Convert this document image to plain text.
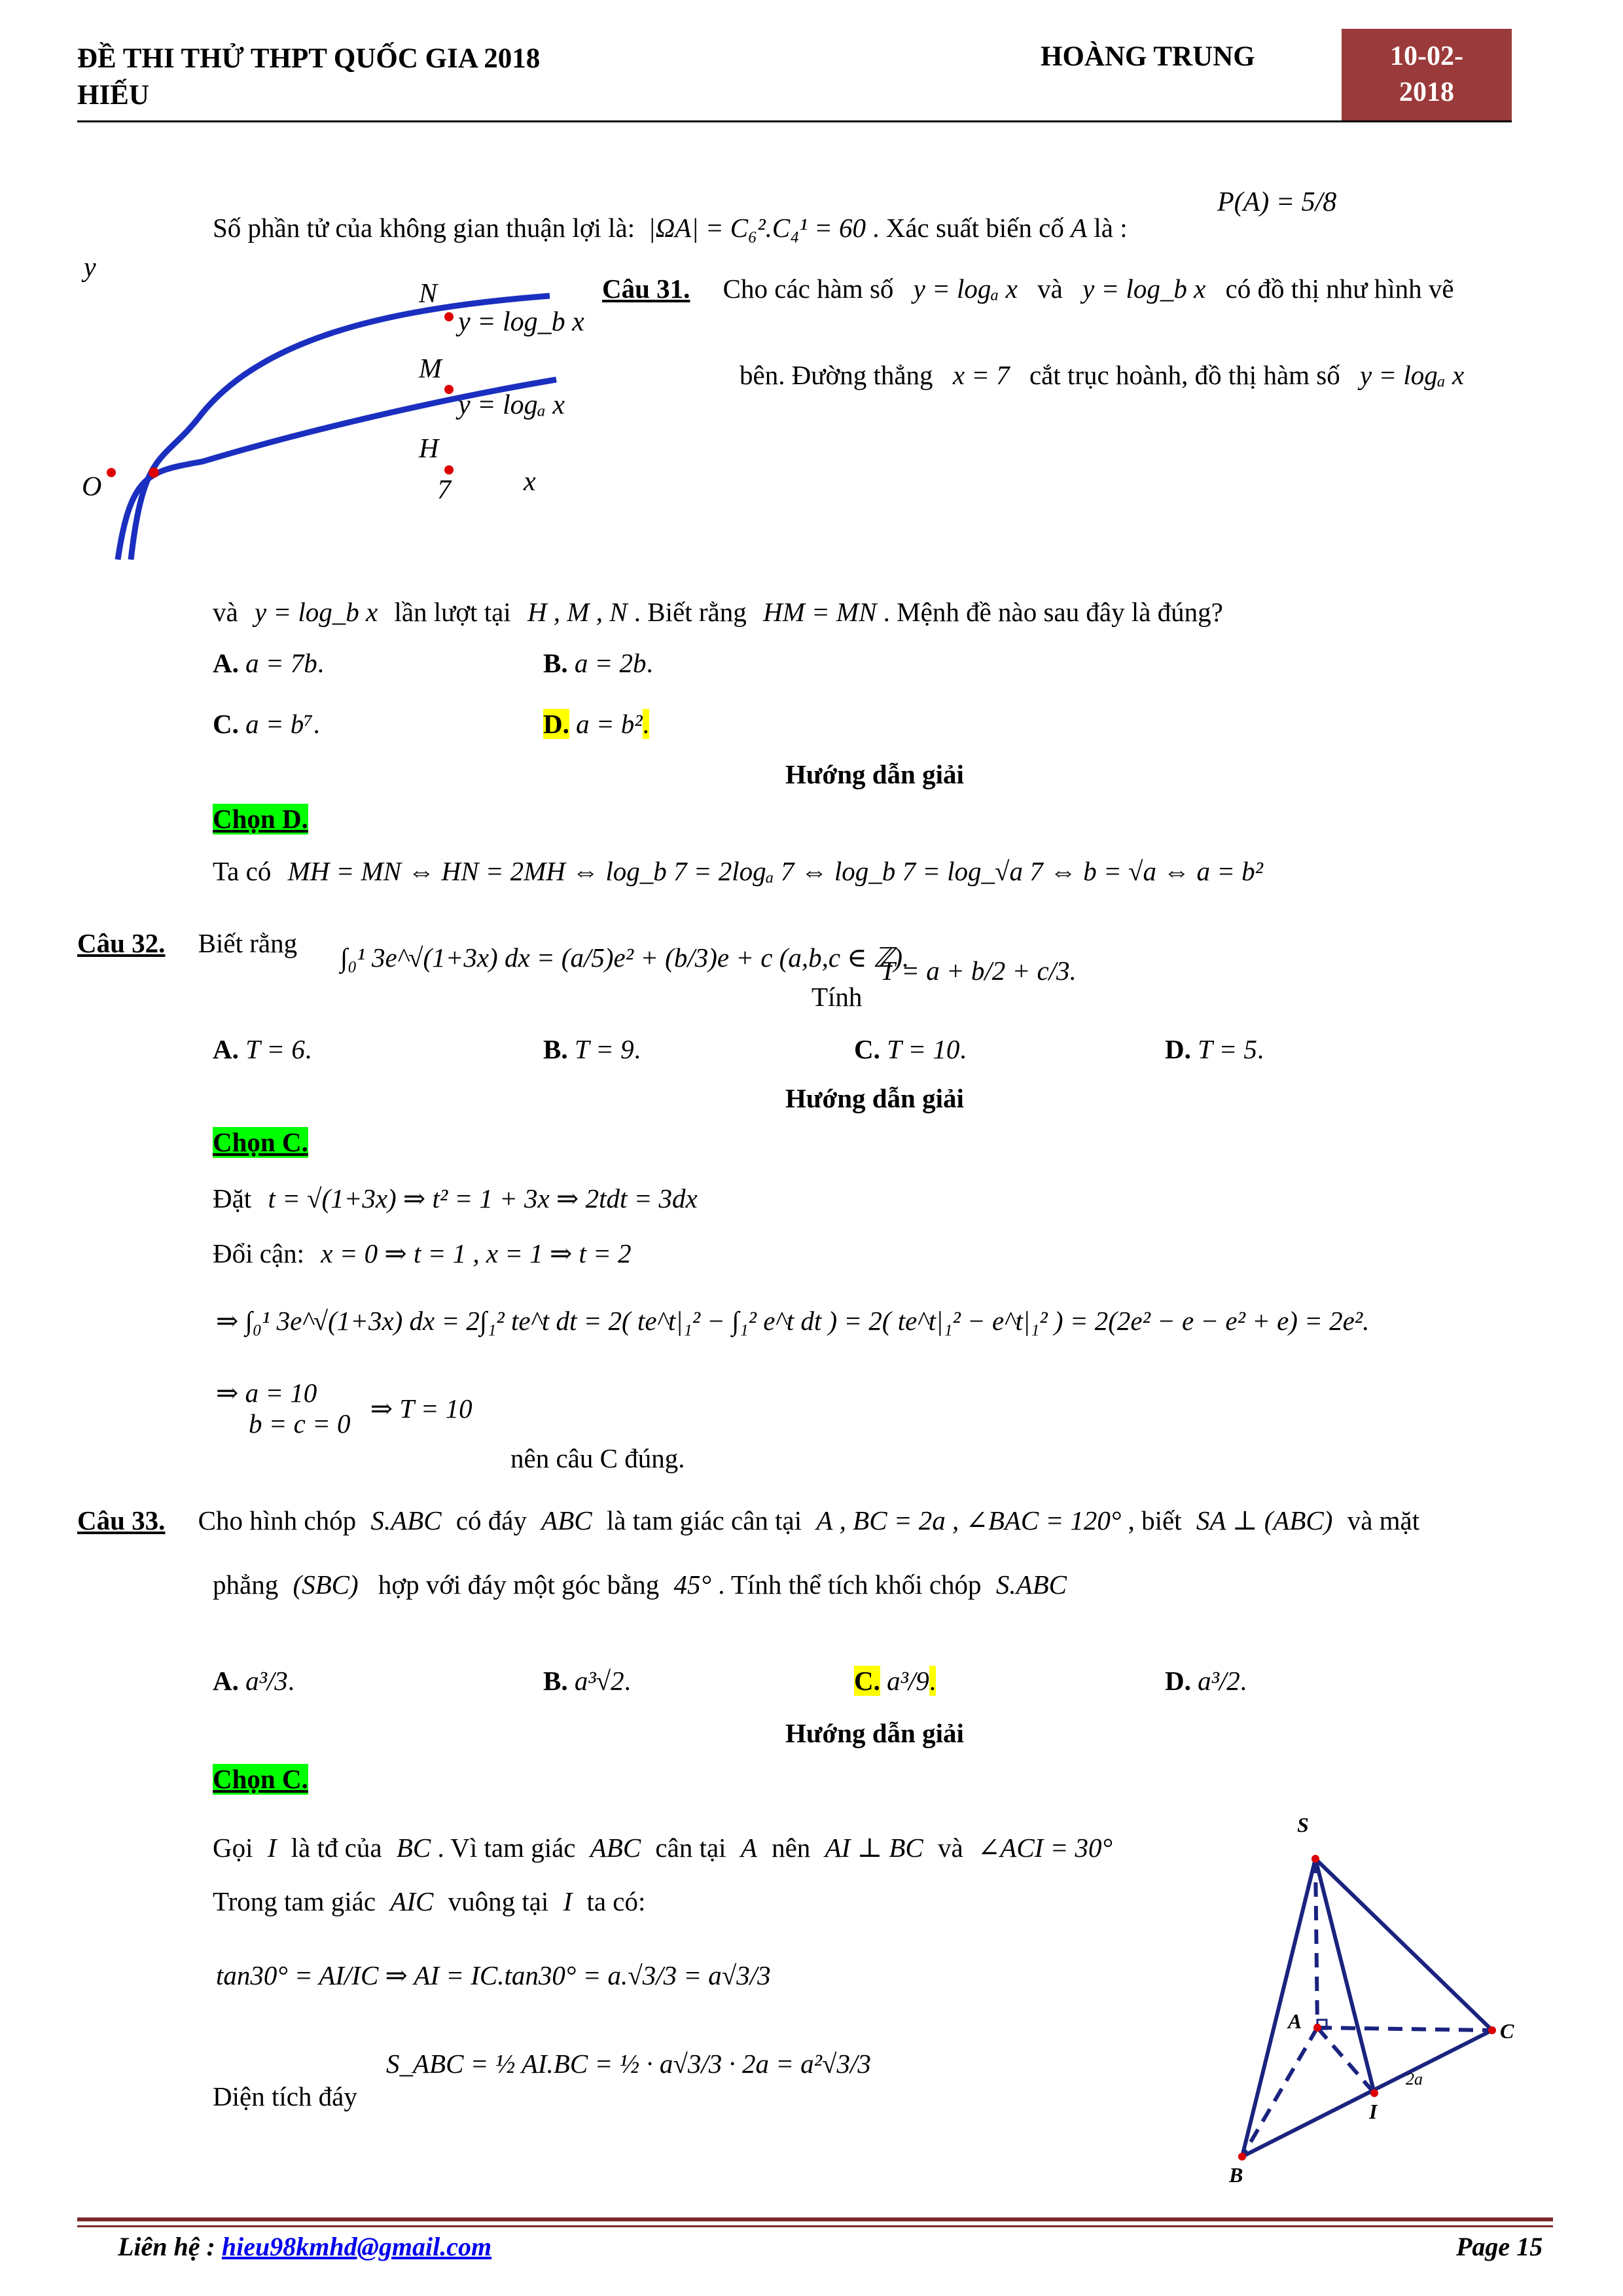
ĐỀ THI THỬ THPT QUỐC GIA 2018
HIẾU
HOÀNG TRUNG	10-02-2018
Số phần tử của không gian thuận lợi là: |ΩA| = C₆².C₄¹ = 60 . Xác suất biến cố A là :
P(A) = 5/8
y
O
N
y = log_b x
M
y = logₐ x
H
7	x
Câu 31. Cho các hàm số y = logₐ x và y = log_b x có đồ thị như hình vẽ
bên. Đường thẳng x = 7 cắt trục hoành, đồ thị hàm số y = logₐ x
và y = log_b x lần lượt tại H , M , N . Biết rằng HM = MN . Mệnh đề nào sau đây là đúng?
A. a = 7b.	B. a = 2b.
C. a = b⁷.	D. a = b².
Hướng dẫn giải
Chọn D.
Ta có MH = MN ⇔ HN = 2MH ⇔ log_b 7 = 2logₐ 7 ⇔ log_b 7 = log_√a 7 ⇔ b = √a ⇔ a = b²
Câu 32. Biết rằng ∫₀¹ 3e^√(1+3x) dx = (a/5)e² + (b/3)e + c (a,b,c ∈ ℤ).
Tính
T = a + b/2 + c/3.
A. T = 6.	B. T = 9.	C. T = 10.	D. T = 5.
Hướng dẫn giải
Chọn C.
Đặt t = √(1+3x) ⇒ t² = 1 + 3x ⇒ 2tdt = 3dx
Đổi cận: x = 0 ⇒ t = 1 , x = 1 ⇒ t = 2
⇒ ∫₀¹ 3e^√(1+3x) dx = 2∫₁² te^t dt = 2( te^t|₁² − ∫₁² e^t dt ) = 2( te^t|₁² − e^t|₁² ) = 2(2e² − e − e² + e) = 2e².
⇒ a = 10
b = c = 0
⇒ T = 10
nên câu C đúng.
Câu 33. Cho hình chóp S.ABC có đáy ABC là tam giác cân tại A , BC = 2a , ∠BAC = 120° , biết SA ⊥ (ABC) và mặt
phẳng (SBC) hợp với đáy một góc bằng 45° . Tính thể tích khối chóp S.ABC
A. a³/3.	B. a³√2.	C. a³/9.	D. a³/2.
Hướng dẫn giải
Chọn C.
Gọi I là tđ của BC . Vì tam giác ABC cân tại A nên AI ⊥ BC và ∠ACI = 30°
Trong tam giác AIC vuông tại I ta có:
tan30° = AI/IC ⇒ AI = IC.tan30° = a.√3/3 = a√3/3
Diện tích đáy
S_ABC = ½ AI.BC = ½ · a√3/3 · 2a = a²√3/3
S
A
B
C
I
2a
Liên hệ : hieu98kmhd@gmail.com	Page 15
